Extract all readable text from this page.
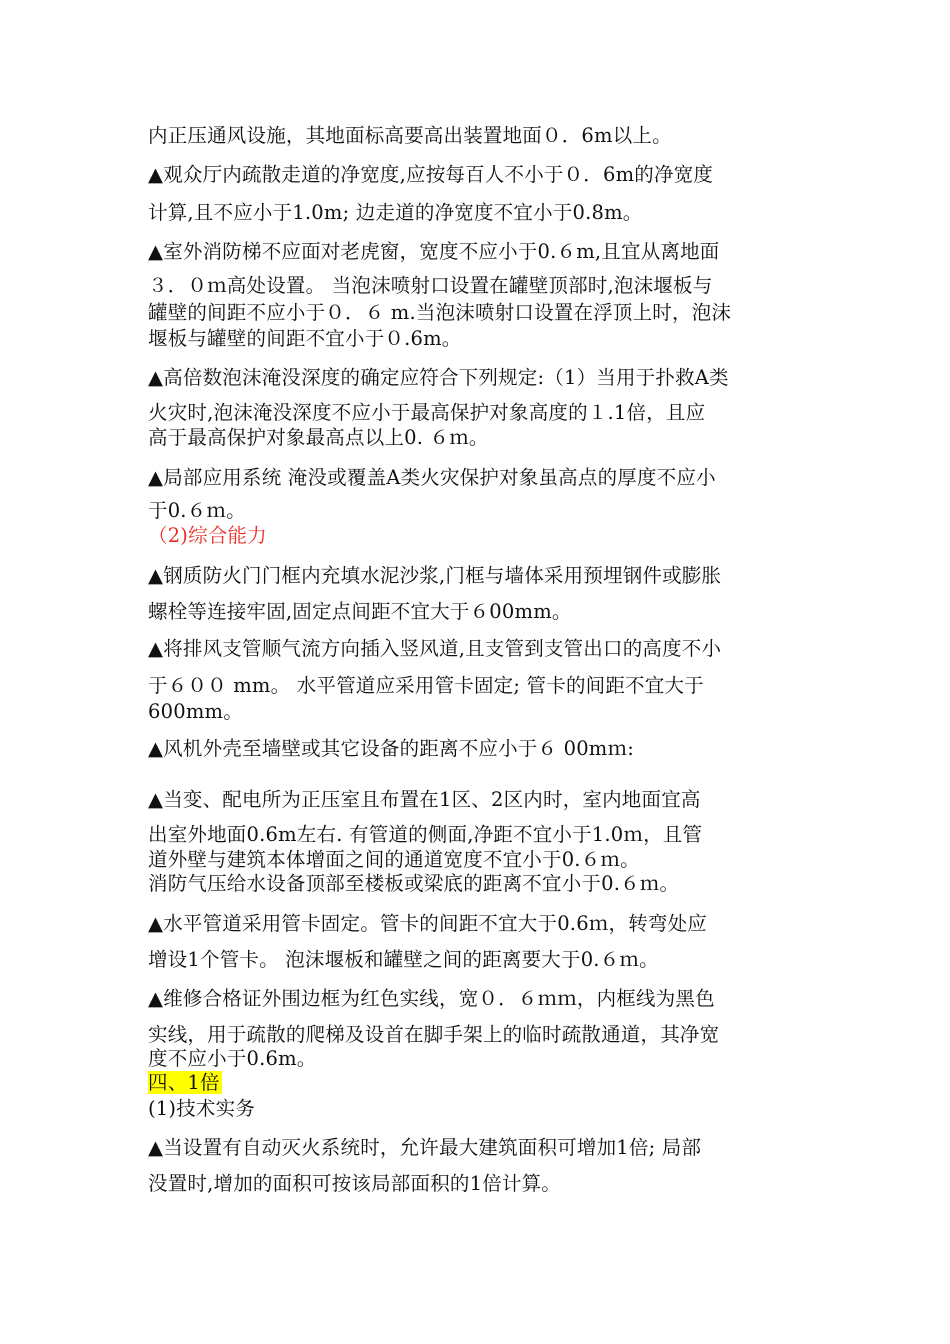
内正压通风设施，其地面标高要高出装置地面０．6m以上。
▲观众厅内疏散走道的净宽度,应按每百人不小于０．6m的净宽度
计算,且不应小于1.0m; 边走道的净宽度不宜小于0.8m。
▲室外消防梯不应面对老虎窗，宽度不应小于0.６m,且宜从离地面
３．０ｍ高处设置。 当泡沫喷射口设置在罐壁顶部时,泡沫堰板与
罐壁的间距不应小于０．６ m.当泡沫喷射口设置在浮顶上时，泡沫
堰板与罐壁的间距不宜小于０.6m。
▲高倍数泡沫淹没深度的确定应符合下列规定:（1）当用于扑救A类
火灾时,泡沫淹没深度不应小于最高保护对象高度的１.1倍，且应
高于最高保护对象最高点以上0. ６ｍ。
▲局部应用系统 淹没或覆盖A类火灾保护对象虽高点的厚度不应小
于0.６ｍ。
（2)综合能力
▲钢质防火门门框内充填水泥沙浆,门框与墙体采用预埋钢件或膨胀
螺栓等连接牢固,固定点间距不宜大于６00mm。
▲将排风支管顺气流方向插入竖风道,且支管到支管出口的高度不小
于６００ mm。 水平管道应采用管卡固定; 管卡的间距不宜大于
600mm。
▲风机外壳至墙壁或其它设备的距离不应小于６ 00mｍ:
▲当变、配电所为正压室且布置在1区、2区内时，室内地面宜高
出室外地面0.6m左右. 有管道的侧面,净距不宜小于1.0ｍ，且管
道外壁与建筑本体增面之间的通道宽度不宜小于0.６ｍ。
消防气压给水设备顶部至楼板或梁底的距离不宜小于0.６ｍ。
▲水平管道采用管卡固定。管卡的间距不宜大于0.6ｍ，转弯处应
增设1个管卡。 泡沫堰板和罐壁之间的距离要大于0.６ｍ。
▲维修合格证外围边框为红色实线，宽０．６ｍｍ，内框线为黑色
实线，用于疏散的爬梯及设首在脚手架上的临时疏散通道，其净宽
度不应小于0.6m。
四、1倍
(1)技术实务
▲当设置有自动灭火系统时，允许最大建筑面积可增加1倍; 局部
没置时,增加的面积可按该局部面积的1倍计算。
